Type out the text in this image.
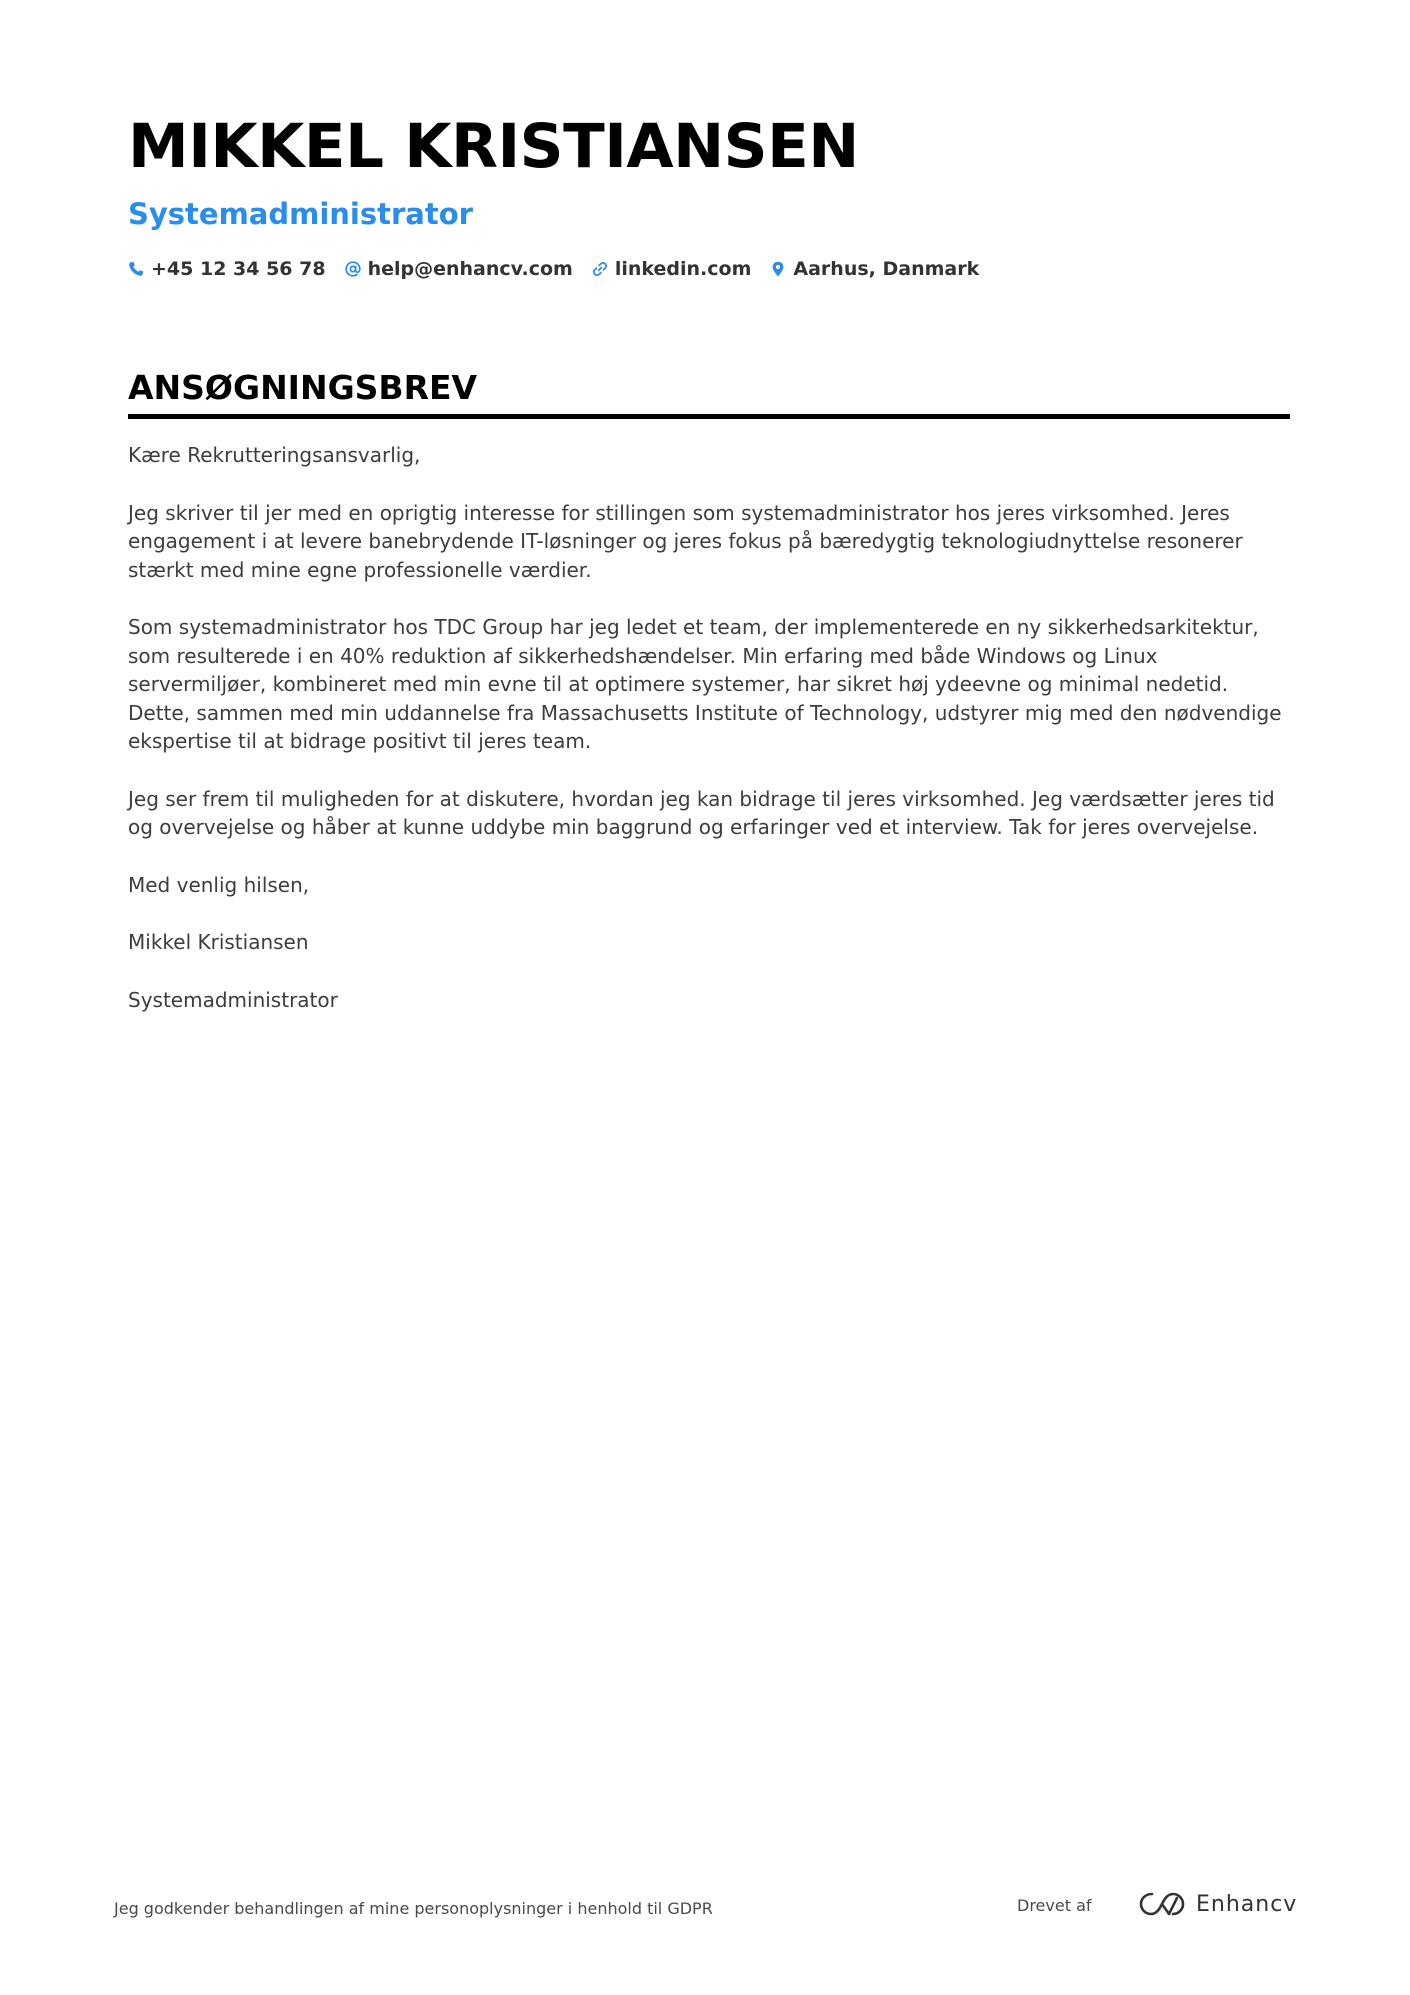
MIKKEL KRISTIANSEN
Systemadministrator
+45 12 34 56 78 help@enhancv.com linkedin.com Aarhus, Danmark
ANSØGNINGSBREV

Kære Rekrutteringsansvarlig,

Jeg skriver til jer med en oprigtig interesse for stillingen som systemadministrator hos jeres virksomhed. Jeres engagement i at levere banebrydende IT-løsninger og jeres fokus på bæredygtig teknologiudnyttelse resonerer stærkt med mine egne professionelle værdier.

Som systemadministrator hos TDC Group har jeg ledet et team, der implementerede en ny sikkerhedsarkitektur, som resulterede i en 40% reduktion af sikkerhedshændelser. Min erfaring med både Windows og Linux servermiljøer, kombineret med min evne til at optimere systemer, har sikret høj ydeevne og minimal nedetid. Dette, sammen med min uddannelse fra Massachusetts Institute of Technology, udstyrer mig med den nødvendige ekspertise til at bidrage positivt til jeres team.

Jeg ser frem til muligheden for at diskutere, hvordan jeg kan bidrage til jeres virksomhed. Jeg værdsætter jeres tid og overvejelse og håber at kunne uddybe min baggrund og erfaringer ved et interview. Tak for jeres overvejelse.

Med venlig hilsen,

Mikkel Kristiansen

Systemadministrator

Jeg godkender behandlingen af mine personoplysninger i henhold til GDPR	Drevet af	Enhancv
